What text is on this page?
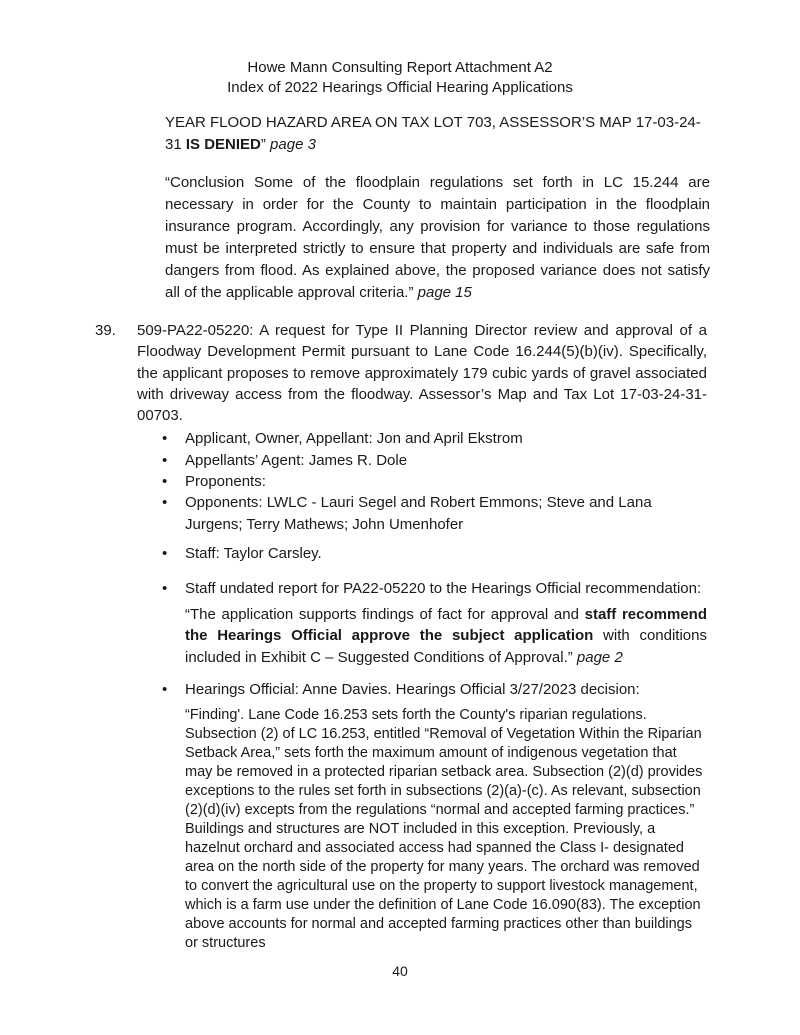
Howe Mann Consulting Report Attachment A2
Index of 2022 Hearings Official Hearing Applications

YEAR FLOOD HAZARD AREA ON TAX LOT 703, ASSESSOR’S MAP 17-03-24-31 IS DENIED” page 3

“Conclusion Some of the floodplain regulations set forth in LC 15.244 are necessary in order for the County to maintain participation in the floodplain insurance program. Accordingly, any provision for variance to those regulations must be interpreted strictly to ensure that property and individuals are safe from dangers from flood. As explained above, the proposed variance does not satisfy all of the applicable approval criteria.” page 15

39.	509-PA22-05220: A request for Type II Planning Director review and approval of a Floodway Development Permit pursuant to Lane Code 16.244(5)(b)(iv). Specifically, the applicant proposes to remove approximately 179 cubic yards of gravel associated with driveway access from the floodway. Assessor’s Map and Tax Lot 17-03-24-31-00703.

•
Applicant, Owner, Appellant: Jon and April Ekstrom
•
Appellants’ Agent: James R. Dole
•
Proponents:
•
Opponents: LWLC - Lauri Segel and Robert Emmons; Steve and Lana Jurgens; Terry Mathews; John Umenhofer
•
Staff: Taylor Carsley.
•
Staff undated report for PA22-05220 to the Hearings Official recommendation:

“The application supports findings of fact for approval and staff recommend the Hearings Official approve the subject application with conditions included in Exhibit C – Suggested Conditions of Approval.” page 2

•
Hearings Official: Anne Davies. Hearings Official 3/27/2023 decision:

“Finding'. Lane Code 16.253 sets forth the County's riparian regulations. Subsection (2) of LC 16.253, entitled “Removal of Vegetation Within the Riparian Setback Area,” sets forth the maximum amount of indigenous vegetation that may be removed in a protected riparian setback area. Subsection (2)(d) provides exceptions to the rules set forth in subsections (2)(a)-(c). As relevant, subsection (2)(d)(iv) excepts from the regulations “normal and accepted farming practices.” Buildings and structures are NOT included in this exception. Previously, a hazelnut orchard and associated access had spanned the Class I- designated area on the north side of the property for many years. The orchard was removed to convert the agricultural use on the property to support livestock management, which is a farm use under the definition of Lane Code 16.090(83). The exception above accounts for normal and accepted farming practices other than buildings or structures

40
